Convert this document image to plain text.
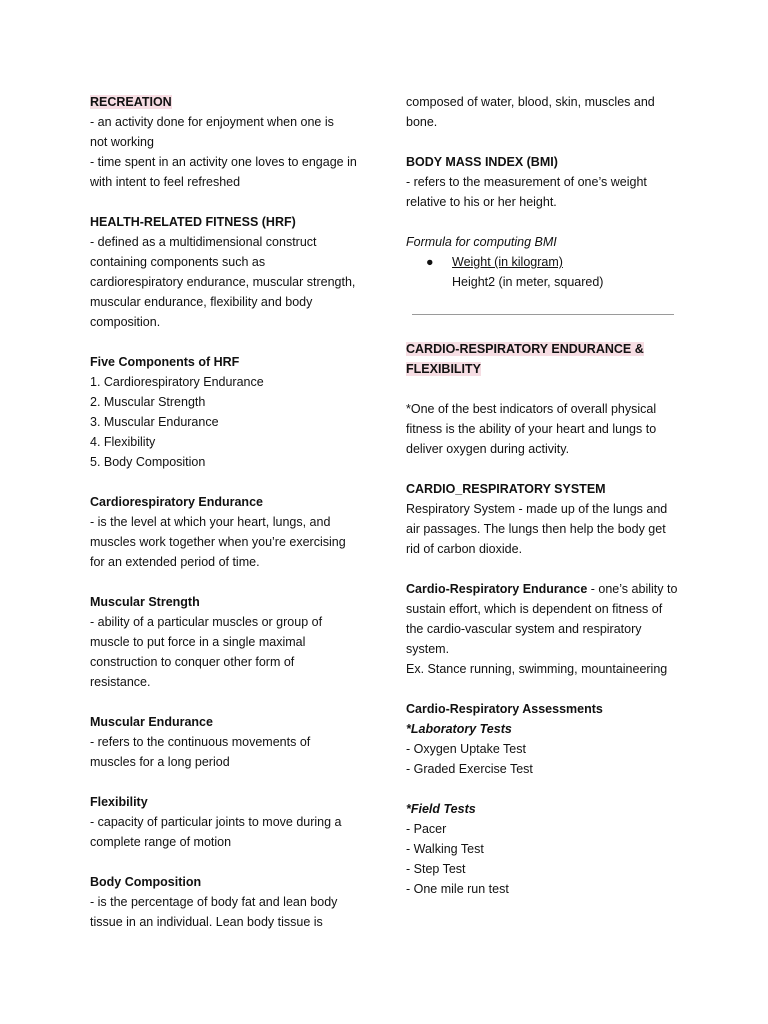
RECREATION
- an activity done for enjoyment when one is
not working
- time spent in an activity one loves to engage in
with intent to feel refreshed
HEALTH-RELATED FITNESS (HRF)
- defined as a multidimensional construct
containing components such as
cardiorespiratory endurance, muscular strength,
muscular endurance, flexibility and body
composition.
Five Components of HRF
1. Cardiorespiratory Endurance
2. Muscular Strength
3. Muscular Endurance
4. Flexibility
5. Body Composition
Cardiorespiratory Endurance
- is the level at which your heart, lungs, and
muscles work together when you’re exercising
for an extended period of time.
Muscular Strength
- ability of a particular muscles or group of
muscle to put force in a single maximal
construction to conquer other form of
resistance.
Muscular Endurance
- refers to the continuous movements of
muscles for a long period
Flexibility
- capacity of particular joints to move during a
complete range of motion
Body Composition
- is the percentage of body fat and lean body
tissue in an individual. Lean body tissue is
composed of water, blood, skin, muscles and
bone.
BODY MASS INDEX (BMI)
- refers to the measurement of one’s weight
relative to his or her height.
Formula for computing BMI
● Weight (in kilogram)
Height2 (in meter, squared)
CARDIO-RESPIRATORY ENDURANCE &
FLEXIBILITY
*One of the best indicators of overall physical
fitness is the ability of your heart and lungs to
deliver oxygen during activity.
CARDIO_RESPIRATORY SYSTEM
Respiratory System - made up of the lungs and
air passages. The lungs then help the body get
rid of carbon dioxide.
Cardio-Respiratory Endurance - one’s ability to
sustain effort, which is dependent on fitness of
the cardio-vascular system and respiratory
system.
Ex. Stance running, swimming, mountaineering
Cardio-Respiratory Assessments
*Laboratory Tests
- Oxygen Uptake Test
- Graded Exercise Test
*Field Tests
- Pacer
- Walking Test
- Step Test
- One mile run test
